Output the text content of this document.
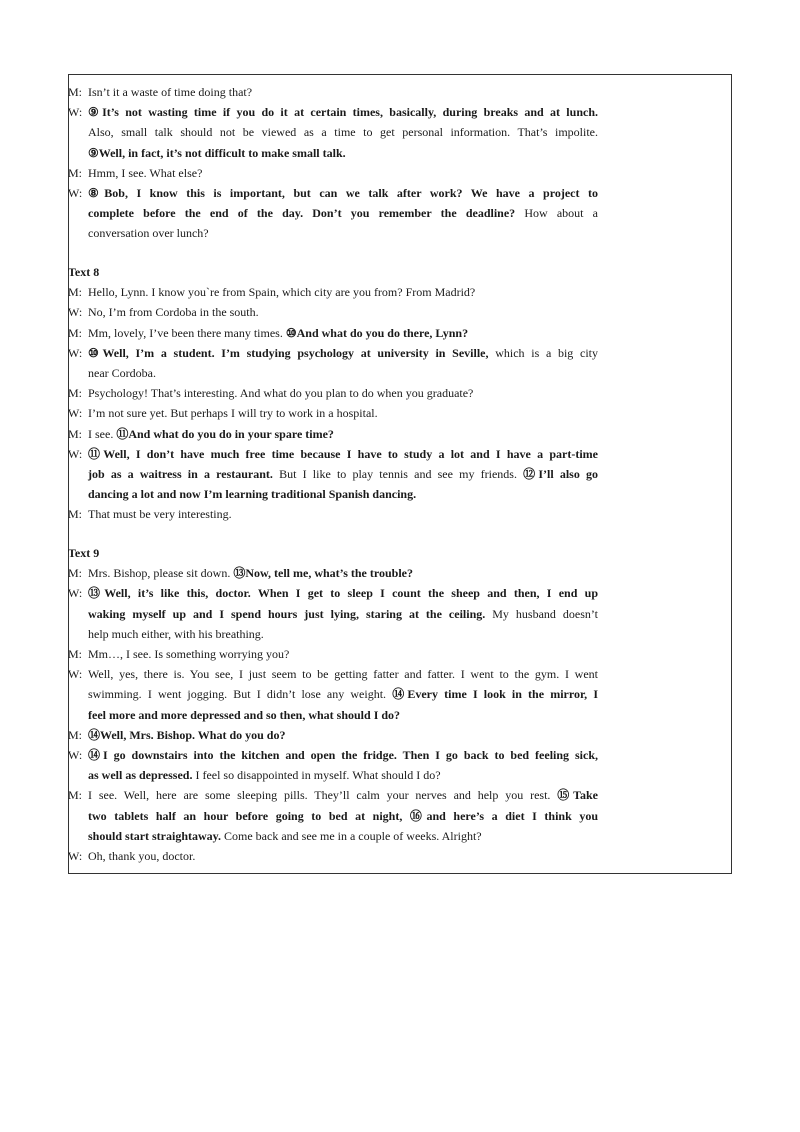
M: Isn’t it a waste of time doing that?
W: ⑨It’s not wasting time if you do it at certain times, basically, during breaks and at lunch.
Also, small talk should not be viewed as a time to get personal information. That’s impolite.
⑨Well, in fact, it’s not difficult to make small talk.
M: Hmm, I see. What else?
W: ⑧Bob, I know this is important, but can we talk after work? We have a project to
complete before the end of the day. Don’t you remember the deadline? How about a
conversation over lunch?
Text 8
M: Hello, Lynn. I know you`re from Spain, which city are you from? From Madrid?
W: No, I’m from Cordoba in the south.
M: Mm, lovely, I’ve been there many times. ⑩And what do you do there, Lynn?
W: ⑩Well, I’m a student. I’m studying psychology at university in Seville, which is a big city
near Cordoba.
M: Psychology! That’s interesting. And what do you plan to do when you graduate?
W: I’m not sure yet. But perhaps I will try to work in a hospital.
M: I see. ⑪And what do you do in your spare time?
W: ⑪Well, I don’t have much free time because I have to study a lot and I have a part-time
job as a waitress in a restaurant. But I like to play tennis and see my friends. ⑫I’ll also go
dancing a lot and now I’m learning traditional Spanish dancing.
M: That must be very interesting.
Text 9
M: Mrs. Bishop, please sit down. ⑬Now, tell me, what’s the trouble?
W: ⑬Well, it’s like this, doctor. When I get to sleep I count the sheep and then, I end up
waking myself up and I spend hours just lying, staring at the ceiling. My husband doesn’t
help much either, with his breathing.
M: Mm…, I see. Is something worrying you?
W: Well, yes, there is. You see, I just seem to be getting fatter and fatter. I went to the gym. I went
swimming. I went jogging. But I didn’t lose any weight. ⑭Every time I look in the mirror, I
feel more and more depressed and so then, what should I do?
M: ⑭Well, Mrs. Bishop. What do you do?
W: ⑭I go downstairs into the kitchen and open the fridge. Then I go back to bed feeling sick,
as well as depressed. I feel so disappointed in myself. What should I do?
M: I see. Well, here are some sleeping pills. They’ll calm your nerves and help you rest. ⑮Take
two tablets half an hour before going to bed at night, ⑯and here’s a diet I think you
should start straightaway. Come back and see me in a couple of weeks. Alright?
W: Oh, thank you, doctor.
